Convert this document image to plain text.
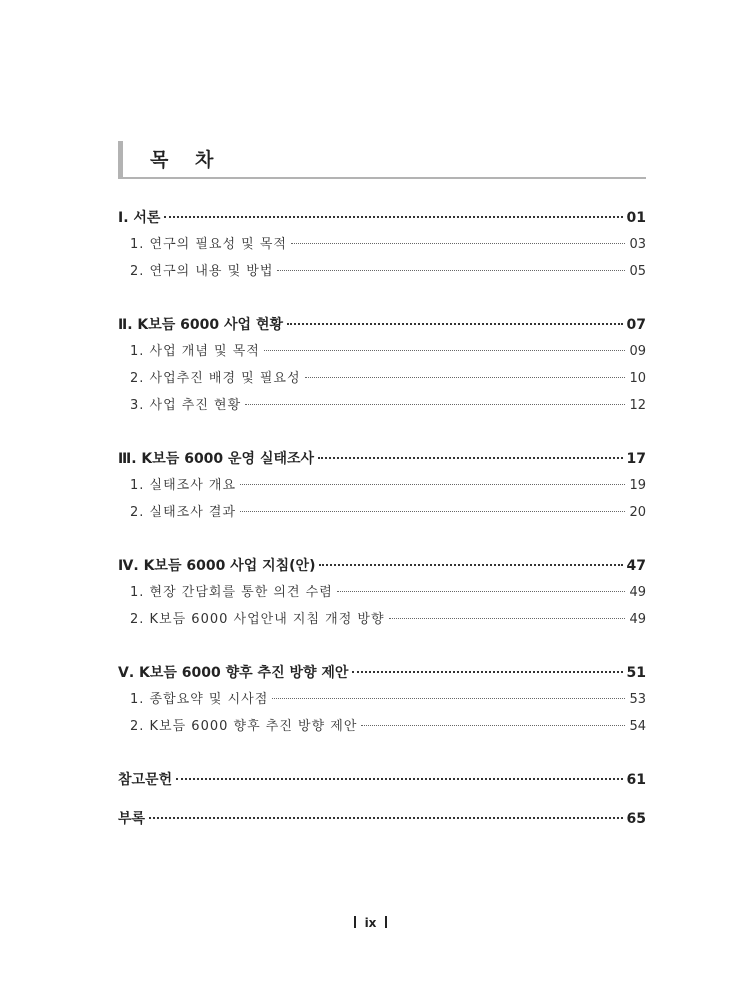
목 차
Ⅰ. 서론	01
1. 연구의 필요성 및 목적	03
2. 연구의 내용 및 방법	05
Ⅱ. K보듬 6000 사업 현황	07
1. 사업 개념 및 목적	09
2. 사업추진 배경 및 필요성	10
3. 사업 추진 현황	12
Ⅲ. K보듬 6000 운영 실태조사	17
1. 실태조사 개요	19
2. 실태조사 결과	20
Ⅳ. K보듬 6000 사업 지침(안)	47
1. 현장 간담회를 통한 의견 수렴	49
2. K보듬 6000 사업안내 지침 개정 방향	49
Ⅴ. K보듬 6000 향후 추진 방향 제안	51
1. 종합요약 및 시사점	53
2. K보듬 6000 향후 추진 방향 제안	54
참고문헌	61
부록	65
ix
